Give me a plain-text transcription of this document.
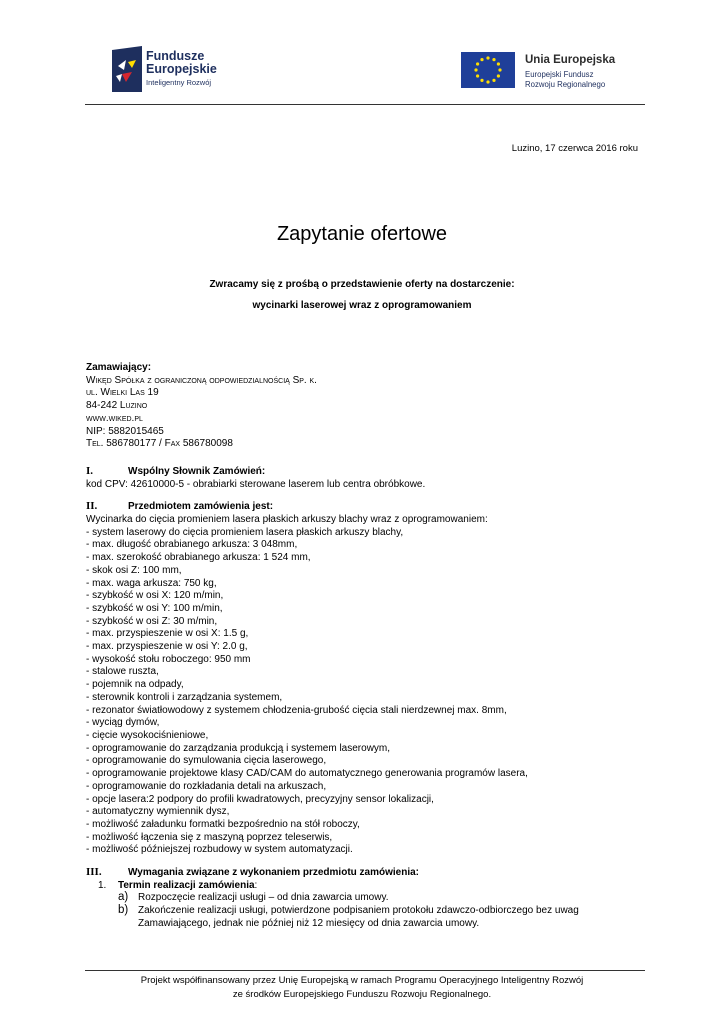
Fundusze
Europejskie
Inteligentny Rozwój
Unia Europejska
Europejski Fundusz
Rozwoju Regionalnego
Luzino, 17 czerwca 2016 roku
Zapytanie ofertowe
Zwracamy się z prośbą o przedstawienie oferty na dostarczenie:
wycinarki laserowej wraz z oprogramowaniem

Zamawiający:

Wikęd Spółka z ograniczoną odpowiedzialnością Sp. k.

ul. Wielki Las 19

84-242 Luzino

www.wiked.pl

NIP: 5882015465

Tel. 586780177 / Fax 586780098

I.	Wspólny Słownik Zamówień:

kod CPV: 42610000-5 - obrabiarki sterowane laserem lub centra obróbkowe.

II.	Przedmiotem zamówienia jest:

Wycinarka do cięcia promieniem lasera płaskich arkuszy blachy wraz z oprogramowaniem:

- system laserowy do cięcia promieniem lasera płaskich arkuszy blachy,

- max. długość obrabianego arkusza: 3 048mm,

- max. szerokość obrabianego arkusza: 1 524 mm,

- skok osi Z: 100 mm,

- max. waga arkusza: 750 kg,

- szybkość w osi X: 120 m/min,

- szybkość w osi Y: 100 m/min,

- szybkość w osi Z: 30 m/min,

- max. przyspieszenie w osi X: 1.5 g,

- max. przyspieszenie w osi Y: 2.0 g,

- wysokość stołu roboczego: 950 mm

- stalowe ruszta,

- pojemnik na odpady,

- sterownik kontroli i zarządzania systemem,

- rezonator światłowodowy z systemem chłodzenia-grubość cięcia stali nierdzewnej max. 8mm,

- wyciąg dymów,

- cięcie wysokociśnieniowe,

- oprogramowanie do zarządzania produkcją i systemem laserowym,

- oprogramowanie do symulowania cięcia laserowego,

- oprogramowanie projektowe klasy CAD/CAM do automatycznego generowania programów lasera,

- oprogramowanie do rozkładania detali na arkuszach,

- opcje lasera:2 podpory do profili kwadratowych, precyzyjny sensor lokalizacji,

- automatyczny wymiennik dysz,

- możliwość załadunku formatki bezpośrednio na stół roboczy,

- możliwość łączenia się z maszyną poprzez teleserwis,

- możliwość późniejszej rozbudowy w system automatyzacji.

III.	Wymagania związane z wykonaniem przedmiotu zamówienia:

1. Termin realizacji zamówienia:

a) Rozpoczęcie realizacji usługi – od dnia zawarcia umowy.

b) Zakończenie realizacji usługi, potwierdzone podpisaniem protokołu zdawczo-odbiorczego bez uwag Zamawiającego, jednak nie później niż 12 miesięcy od dnia zawarcia umowy.

Projekt współfinansowany przez Unię Europejską w ramach Programu Operacyjnego Inteligentny Rozwój
ze środków Europejskiego Funduszu Rozwoju Regionalnego.
